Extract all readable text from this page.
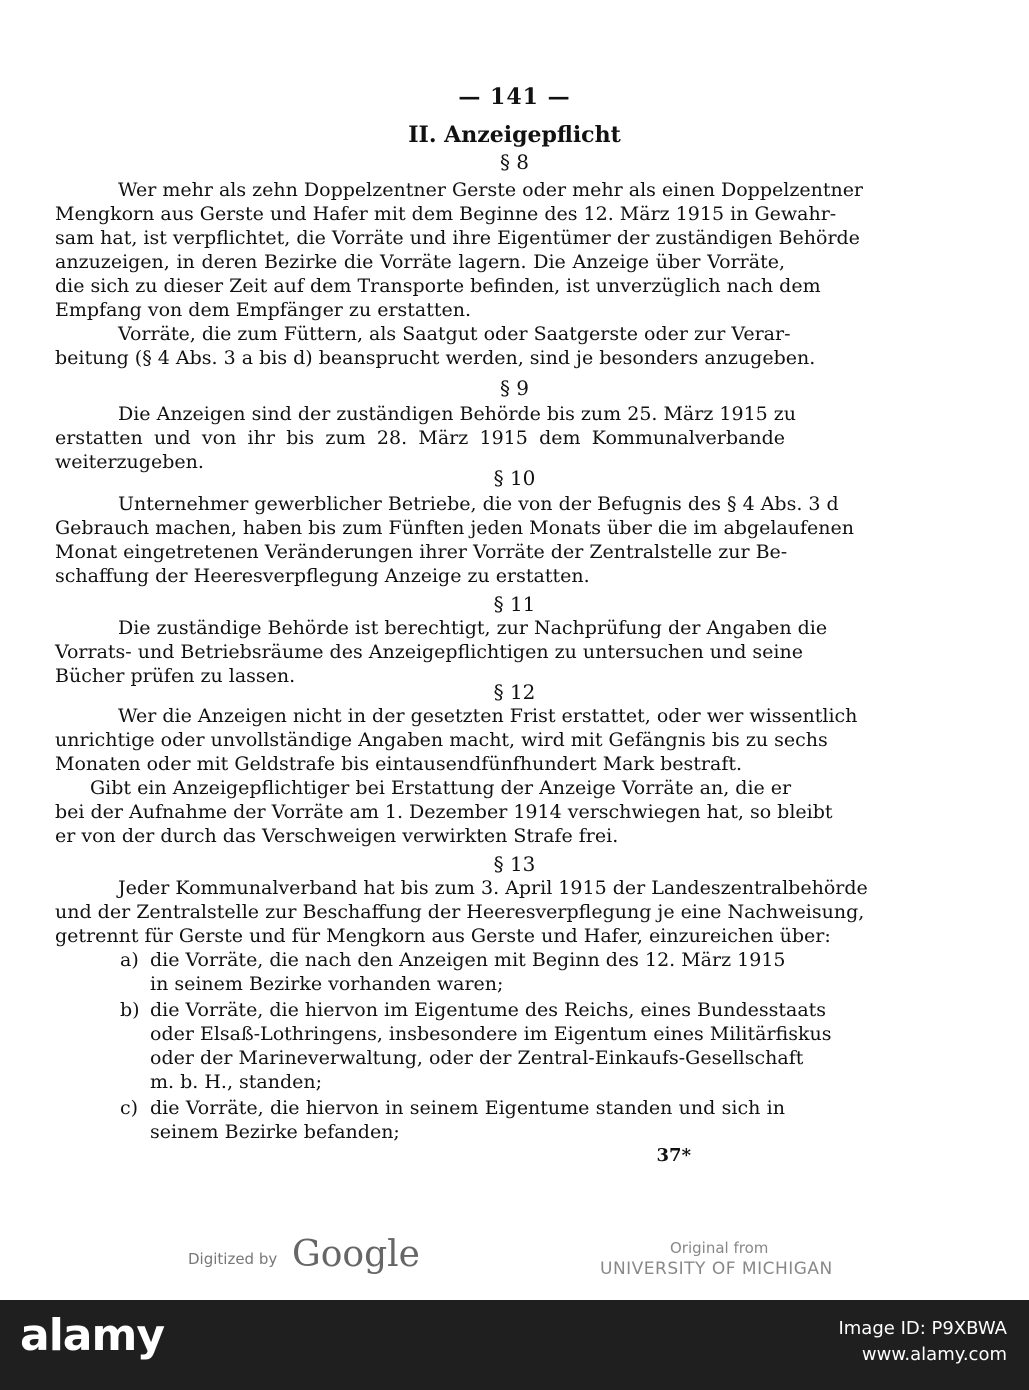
— 141 —
II. Anzeigepflicht
§ 8
Wer mehr als zehn Doppelzentner Gerste oder mehr als einen Doppelzentner
Mengkorn aus Gerste und Hafer mit dem Beginne des 12. März 1915 in Gewahr-
sam hat, ist verpflichtet, die Vorräte und ihre Eigentümer der zuständigen Behörde
anzuzeigen, in deren Bezirke die Vorräte lagern. Die Anzeige über Vorräte,
die sich zu dieser Zeit auf dem Transporte befinden, ist unverzüglich nach dem
Empfang von dem Empfänger zu erstatten.
Vorräte, die zum Füttern, als Saatgut oder Saatgerste oder zur Verar-
beitung (§ 4 Abs. 3 a bis d) beansprucht werden, sind je besonders anzugeben.
§ 9
Die Anzeigen sind der zuständigen Behörde bis zum 25. März 1915 zu
erstatten und von ihr bis zum 28. März 1915 dem Kommunalverbande
weiterzugeben.
§ 10
Unternehmer gewerblicher Betriebe, die von der Befugnis des § 4 Abs. 3 d
Gebrauch machen, haben bis zum Fünften jeden Monats über die im abgelaufenen
Monat eingetretenen Veränderungen ihrer Vorräte der Zentralstelle zur Be-
schaffung der Heeresverpflegung Anzeige zu erstatten.
§ 11
Die zuständige Behörde ist berechtigt, zur Nachprüfung der Angaben die
Vorrats- und Betriebsräume des Anzeigepflichtigen zu untersuchen und seine
Bücher prüfen zu lassen.
§ 12
Wer die Anzeigen nicht in der gesetzten Frist erstattet, oder wer wissentlich
unrichtige oder unvollständige Angaben macht, wird mit Gefängnis bis zu sechs
Monaten oder mit Geldstrafe bis eintausendfünfhundert Mark bestraft.
Gibt ein Anzeigepflichtiger bei Erstattung der Anzeige Vorräte an, die er
bei der Aufnahme der Vorräte am 1. Dezember 1914 verschwiegen hat, so bleibt
er von der durch das Verschweigen verwirkten Strafe frei.
§ 13
Jeder Kommunalverband hat bis zum 3. April 1915 der Landeszentralbehörde
und der Zentralstelle zur Beschaffung der Heeresverpflegung je eine Nachweisung,
getrennt für Gerste und für Mengkorn aus Gerste und Hafer, einzureichen über:
a) die Vorräte, die nach den Anzeigen mit Beginn des 12. März 1915
in seinem Bezirke vorhanden waren;
b) die Vorräte, die hiervon im Eigentume des Reichs, eines Bundesstaats
oder Elsaß-Lothringens, insbesondere im Eigentum eines Militärfiskus
oder der Marineverwaltung, oder der Zentral-Einkaufs-Gesellschaft
m. b. H., standen;
c) die Vorräte, die hiervon in seinem Eigentume standen und sich in
seinem Bezirke befanden;
37*
Digitized by Google	Original from
UNIVERSITY OF MICHIGAN
alamy	Image ID: P9XBWA
www.alamy.com
